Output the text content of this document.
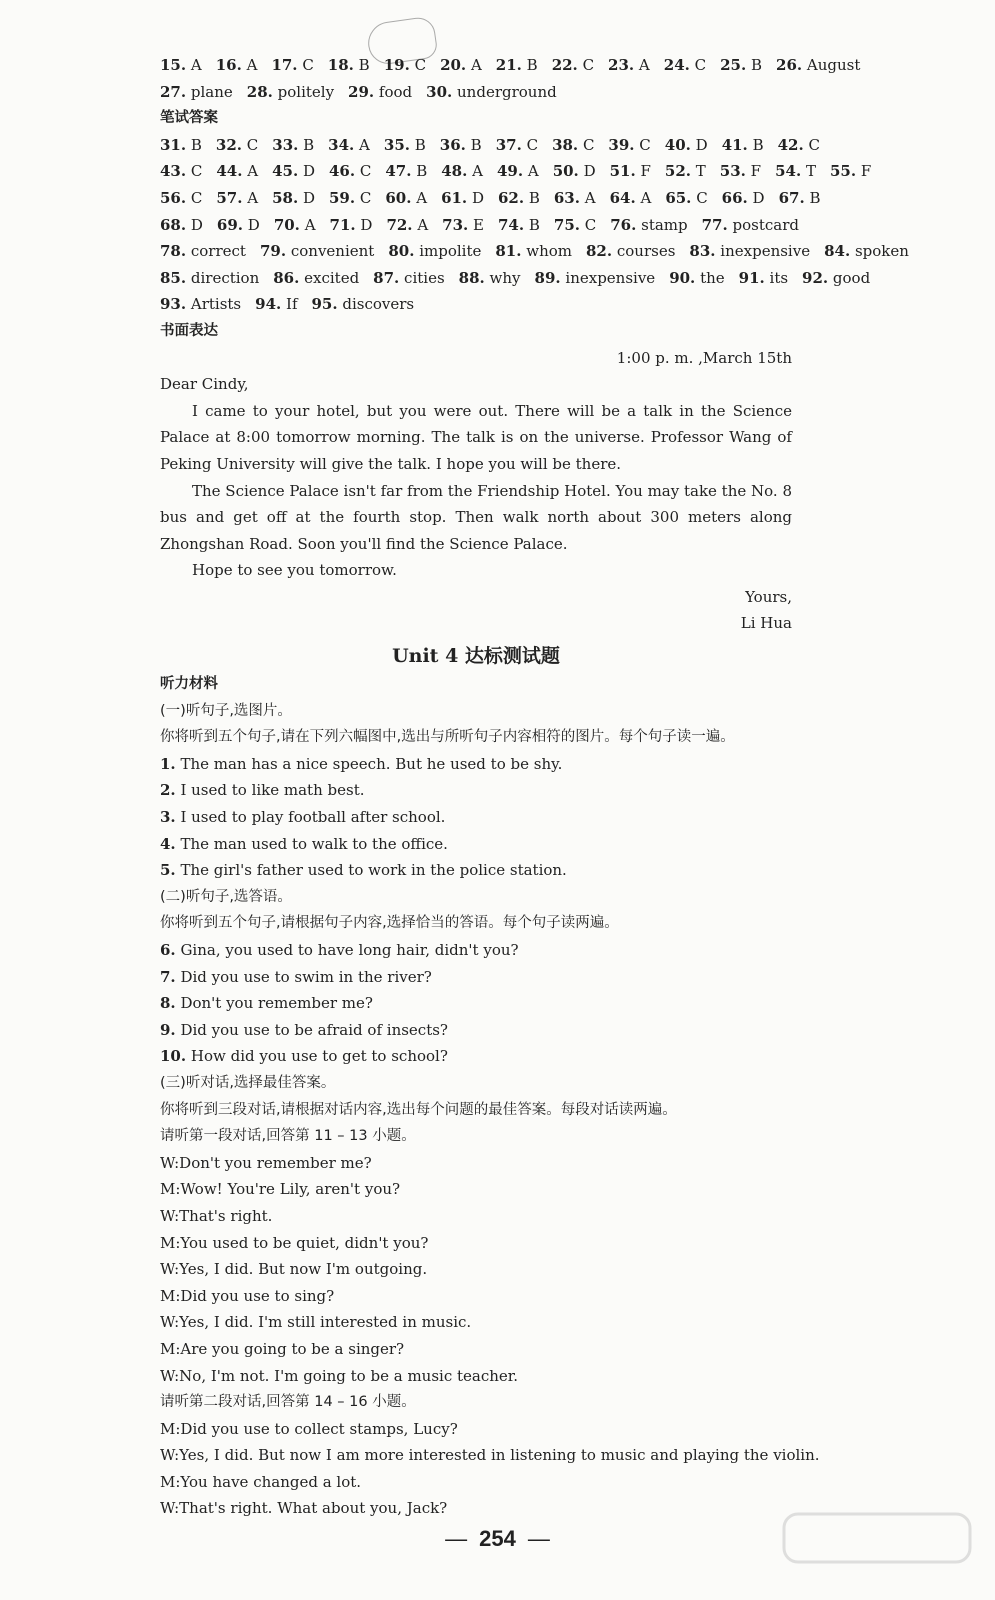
15. A 16. A 17. C 18. B 19. C 20. A 21. B 22. C 23. A 24. C 25. B 26. August
27. plane 28. politely 29. food 30. underground
笔试答案
31. B 32. C 33. B 34. A 35. B 36. B 37. C 38. C 39. C 40. D 41. B 42. C
43. C 44. A 45. D 46. C 47. B 48. A 49. A 50. D 51. F 52. T 53. F 54. T 55. F
56. C 57. A 58. D 59. C 60. A 61. D 62. B 63. A 64. A 65. C 66. D 67. B
68. D 69. D 70. A 71. D 72. A 73. E 74. B 75. C 76. stamp 77. postcard
78. correct 79. convenient 80. impolite 81. whom 82. courses 83. inexpensive 84. spoken
85. direction 86. excited 87. cities 88. why 89. inexpensive 90. the 91. its 92. good
93. Artists 94. If 95. discovers
书面表达
1:00 p. m. ,March 15th
Dear Cindy,

I came to your hotel, but you were out. There will be a talk in the Science Palace at 8:00 tomorrow morning. The talk is on the universe. Professor Wang of Peking University will give the talk. I hope you will be there.

The Science Palace isn't far from the Friendship Hotel. You may take the No. 8 bus and get off at the fourth stop. Then walk north about 300 meters along Zhongshan Road. Soon you'll find the Science Palace.

Hope to see you tomorrow.

Yours,
Li Hua
Unit 4 达标测试题
听力材料
(一)听句子,选图片。
你将听到五个句子,请在下列六幅图中,选出与所听句子内容相符的图片。每个句子读一遍。
1. The man has a nice speech. But he used to be shy.
2. I used to like math best.
3. I used to play football after school.
4. The man used to walk to the office.
5. The girl's father used to work in the police station.
(二)听句子,选答语。
你将听到五个句子,请根据句子内容,选择恰当的答语。每个句子读两遍。
6. Gina, you used to have long hair, didn't you?
7. Did you use to swim in the river?
8. Don't you remember me?
9. Did you use to be afraid of insects?
10. How did you use to get to school?
(三)听对话,选择最佳答案。
你将听到三段对话,请根据对话内容,选出每个问题的最佳答案。每段对话读两遍。
请听第一段对话,回答第 11 – 13 小题。
W:Don't you remember me?
M:Wow! You're Lily, aren't you?
W:That's right.
M:You used to be quiet, didn't you?
W:Yes, I did. But now I'm outgoing.
M:Did you use to sing?
W:Yes, I did. I'm still interested in music.
M:Are you going to be a singer?
W:No, I'm not. I'm going to be a music teacher.
请听第二段对话,回答第 14 – 16 小题。
M:Did you use to collect stamps, Lucy?
W:Yes, I did. But now I am more interested in listening to music and playing the violin.
M:You have changed a lot.
W:That's right. What about you, Jack?
— 254 —
